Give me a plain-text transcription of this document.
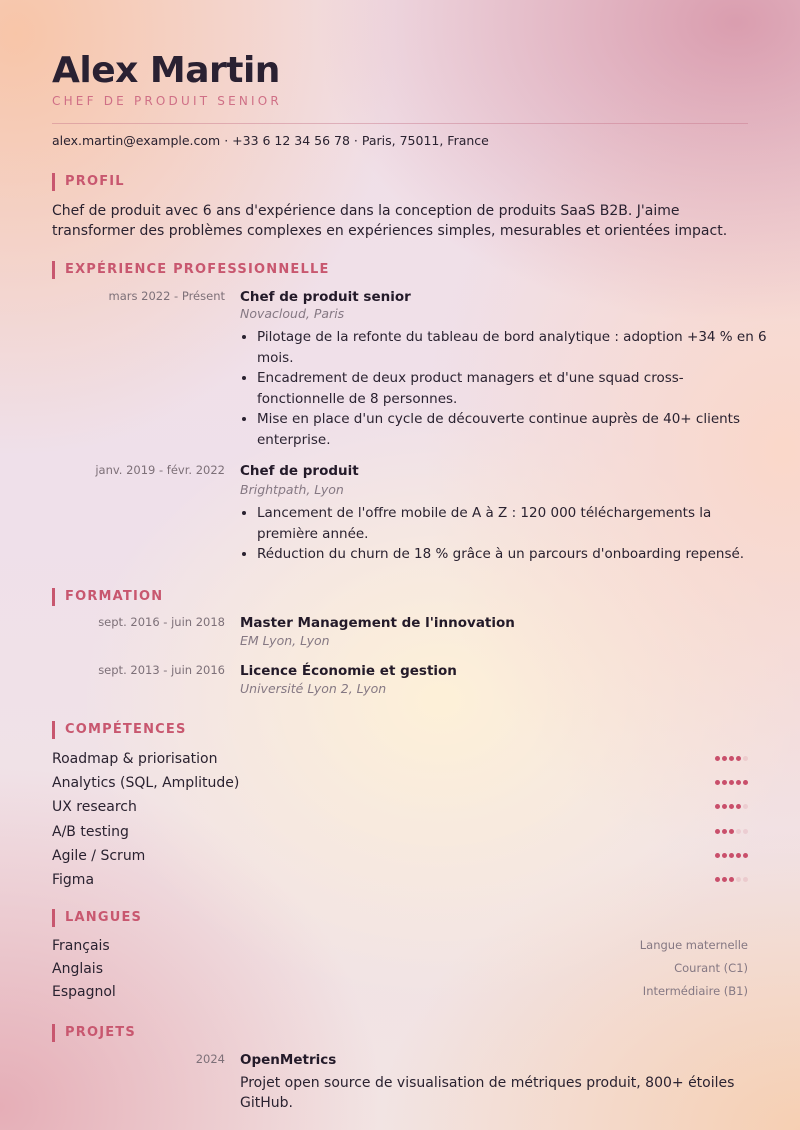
Alex Martin
CHEF DE PRODUIT SENIOR
alex.martin@example.com · +33 6 12 34 56 78 · Paris, 75011, France
PROFIL
Chef de produit avec 6 ans d'expérience dans la conception de produits SaaS B2B. J'aime transformer des problèmes complexes en expériences simples, mesurables et orientées impact.
EXPÉRIENCE PROFESSIONNELLE
mars 2022 - Présent Chef de produit senior
Novacloud, Paris
• Pilotage de la refonte du tableau de bord analytique : adoption +34 % en 6 mois.
• Encadrement de deux product managers et d'une squad cross-fonctionnelle de 8 personnes.
• Mise en place d'un cycle de découverte continue auprès de 40+ clients enterprise.
janv. 2019 - févr. 2022 Chef de produit
Brightpath, Lyon
• Lancement de l'offre mobile de A à Z : 120 000 téléchargements la première année.
• Réduction du churn de 18 % grâce à un parcours d'onboarding repensé.
FORMATION
sept. 2016 - juin 2018 Master Management de l'innovation
EM Lyon, Lyon
sept. 2013 - juin 2016 Licence Économie et gestion
Université Lyon 2, Lyon
COMPÉTENCES
Roadmap & priorisation
Analytics (SQL, Amplitude)
UX research
A/B testing
Agile / Scrum
Figma
LANGUES
Français	Langue maternelle
Anglais	Courant (C1)
Espagnol	Intermédiaire (B1)
PROJETS
2024 OpenMetrics
Projet open source de visualisation de métriques produit, 800+ étoiles GitHub.
